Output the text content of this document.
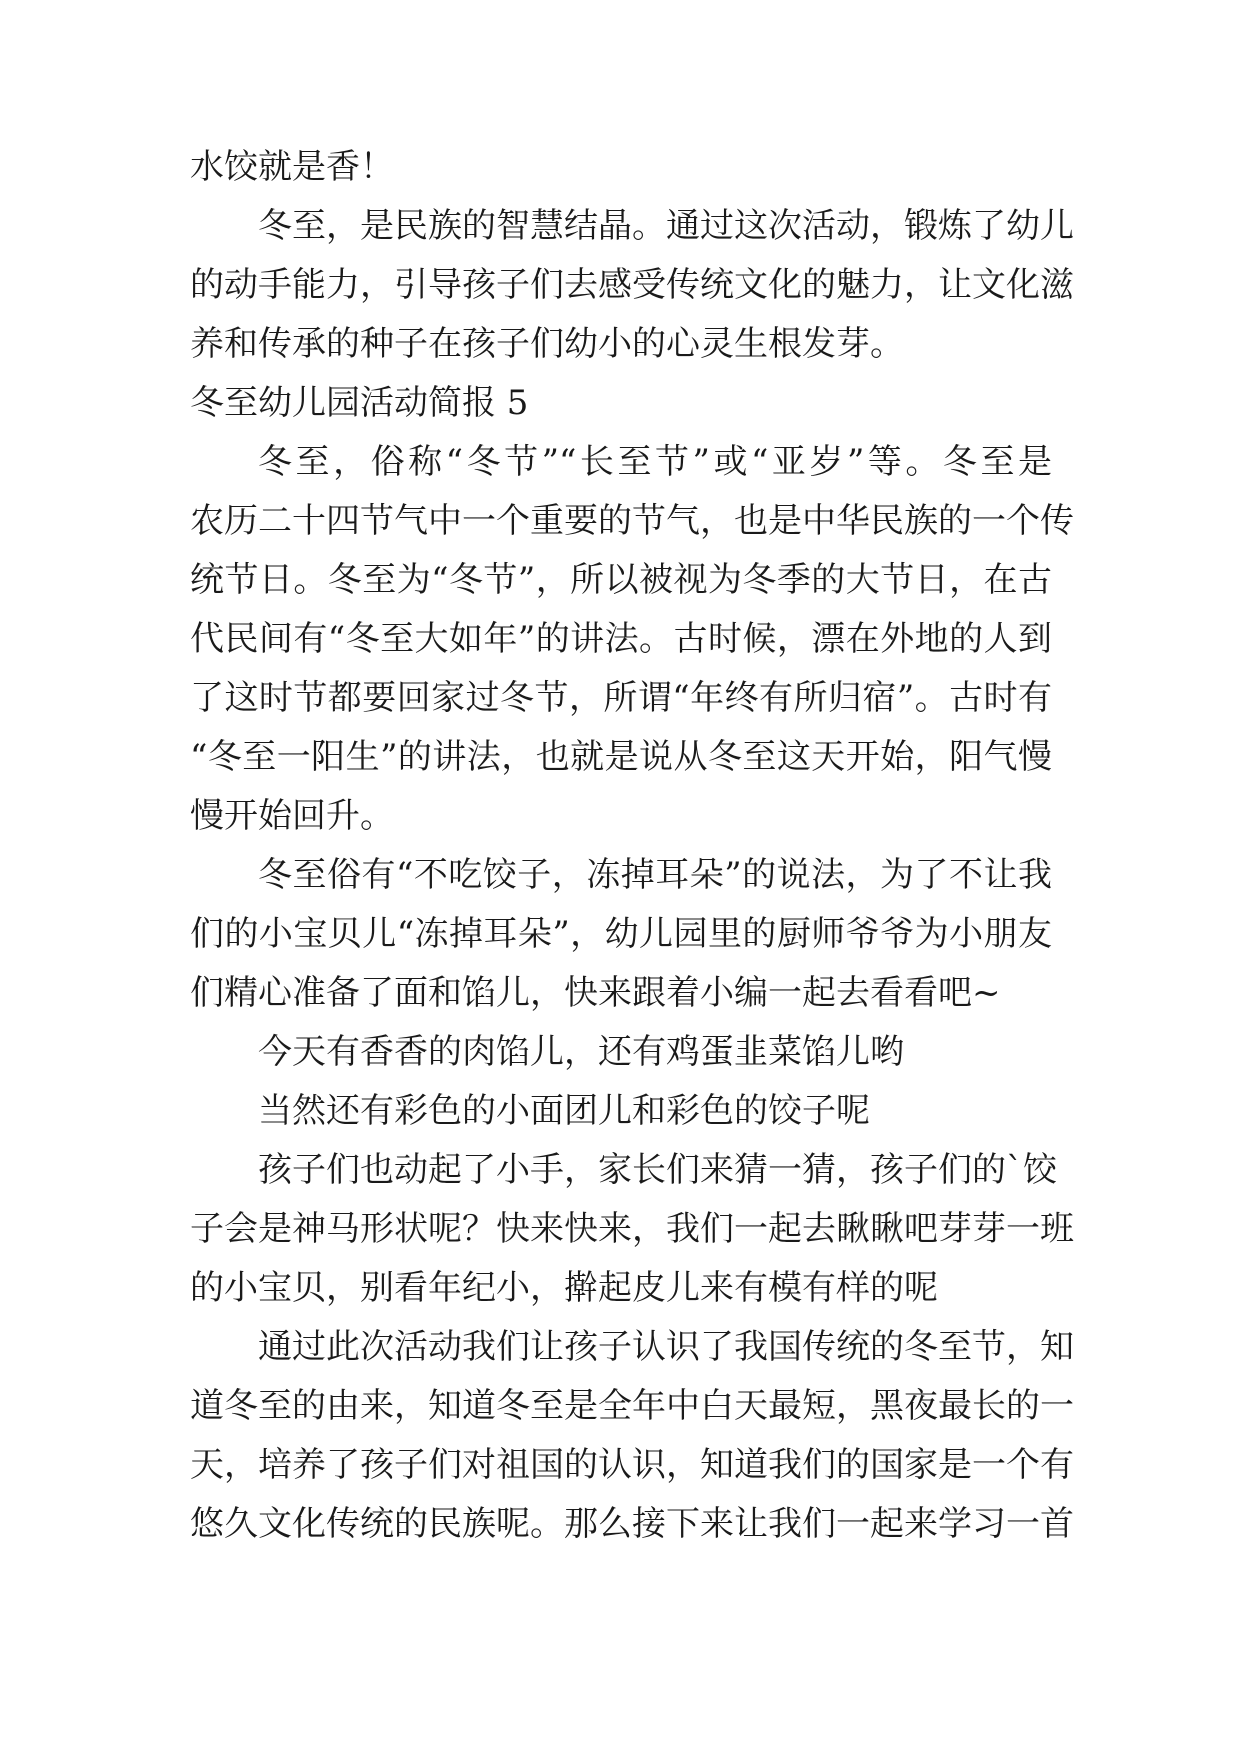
水饺就是香！
冬至，是民族的智慧结晶。通过这次活动，锻炼了幼儿
的动手能力，引导孩子们去感受传统文化的魅力，让文化滋
养和传承的种子在孩子们幼小的心灵生根发芽。
冬至幼儿园活动简报 5
冬至，俗称“冬节”“长至节”或“亚岁”等。冬至是
农历二十四节气中一个重要的节气，也是中华民族的一个传
统节日。冬至为“冬节”，所以被视为冬季的大节日，在古
代民间有“冬至大如年”的讲法。古时候，漂在外地的人到
了这时节都要回家过冬节，所谓“年终有所归宿”。古时有
“冬至一阳生”的讲法，也就是说从冬至这天开始，阳气慢
慢开始回升。
冬至俗有“不吃饺子，冻掉耳朵”的说法，为了不让我
们的小宝贝儿“冻掉耳朵”，幼儿园里的厨师爷爷为小朋友
们精心准备了面和馅儿，快来跟着小编一起去看看吧~
今天有香香的肉馅儿，还有鸡蛋韭菜馅儿哟
当然还有彩色的小面团儿和彩色的饺子呢
孩子们也动起了小手，家长们来猜一猜，孩子们的`饺
子会是神马形状呢？快来快来，我们一起去瞅瞅吧芽芽一班
的小宝贝，别看年纪小，擀起皮儿来有模有样的呢
通过此次活动我们让孩子认识了我国传统的冬至节，知
道冬至的由来，知道冬至是全年中白天最短，黑夜最长的一
天，培养了孩子们对祖国的认识，知道我们的国家是一个有
悠久文化传统的民族呢。那么接下来让我们一起来学习一首
